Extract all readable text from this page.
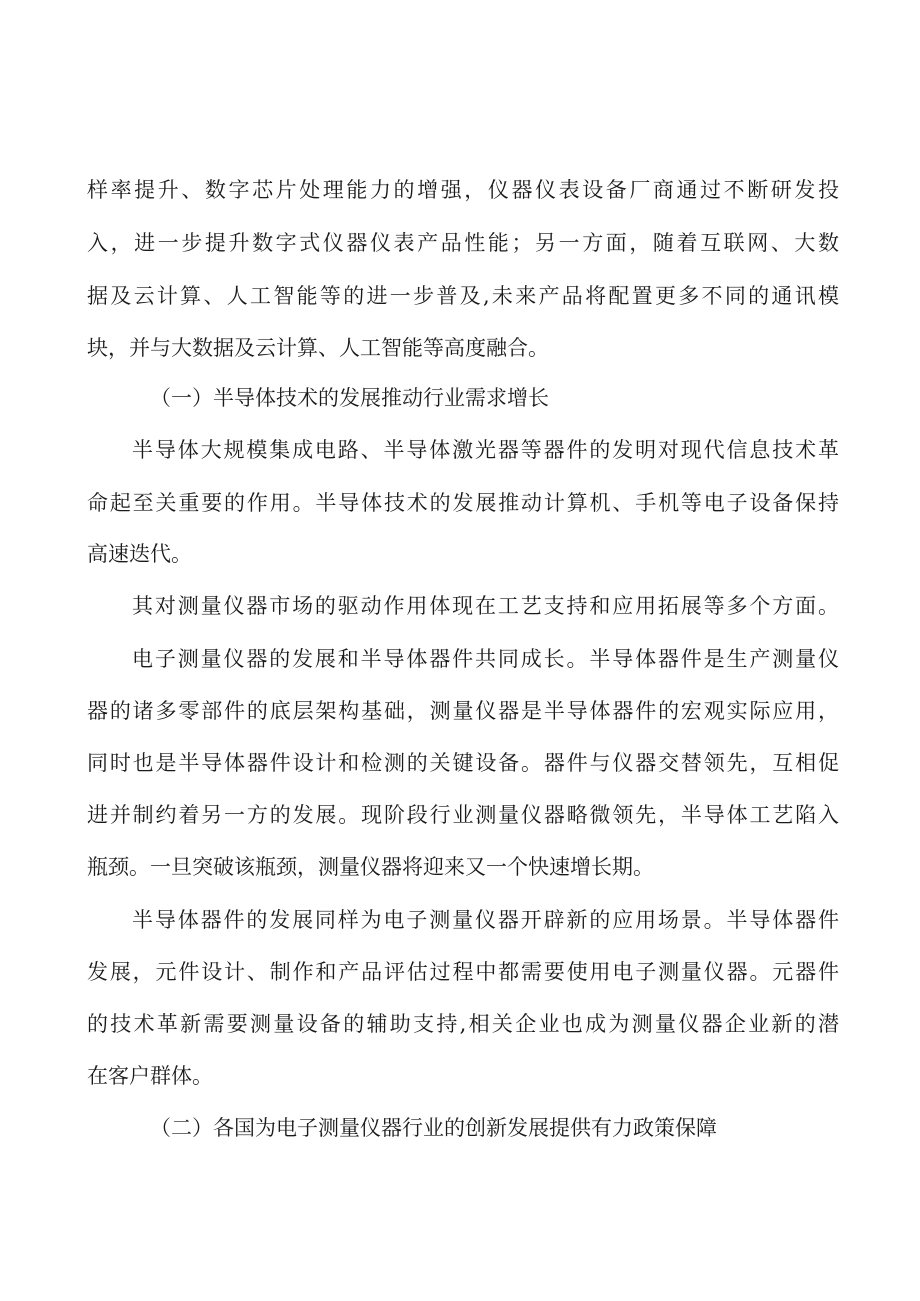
样率提升、数字芯片处理能力的增强，仪器仪表设备厂商通过不断研发投
入，进一步提升数字式仪器仪表产品性能；另一方面，随着互联网、大数
据及云计算、人工智能等的进一步普及,未来产品将配置更多不同的通讯模
块，并与大数据及云计算、人工智能等高度融合。
（一）半导体技术的发展推动行业需求增长
半导体大规模集成电路、半导体激光器等器件的发明对现代信息技术革
命起至关重要的作用。半导体技术的发展推动计算机、手机等电子设备保持
高速迭代。
其对测量仪器市场的驱动作用体现在工艺支持和应用拓展等多个方面。
电子测量仪器的发展和半导体器件共同成长。半导体器件是生产测量仪
器的诸多零部件的底层架构基础，测量仪器是半导体器件的宏观实际应用，
同时也是半导体器件设计和检测的关键设备。器件与仪器交替领先，互相促
进并制约着另一方的发展。现阶段行业测量仪器略微领先，半导体工艺陷入
瓶颈。一旦突破该瓶颈，测量仪器将迎来又一个快速增长期。
半导体器件的发展同样为电子测量仪器开辟新的应用场景。半导体器件
发展，元件设计、制作和产品评估过程中都需要使用电子测量仪器。元器件
的技术革新需要测量设备的辅助支持,相关企业也成为测量仪器企业新的潜
在客户群体。
（二）各国为电子测量仪器行业的创新发展提供有力政策保障
